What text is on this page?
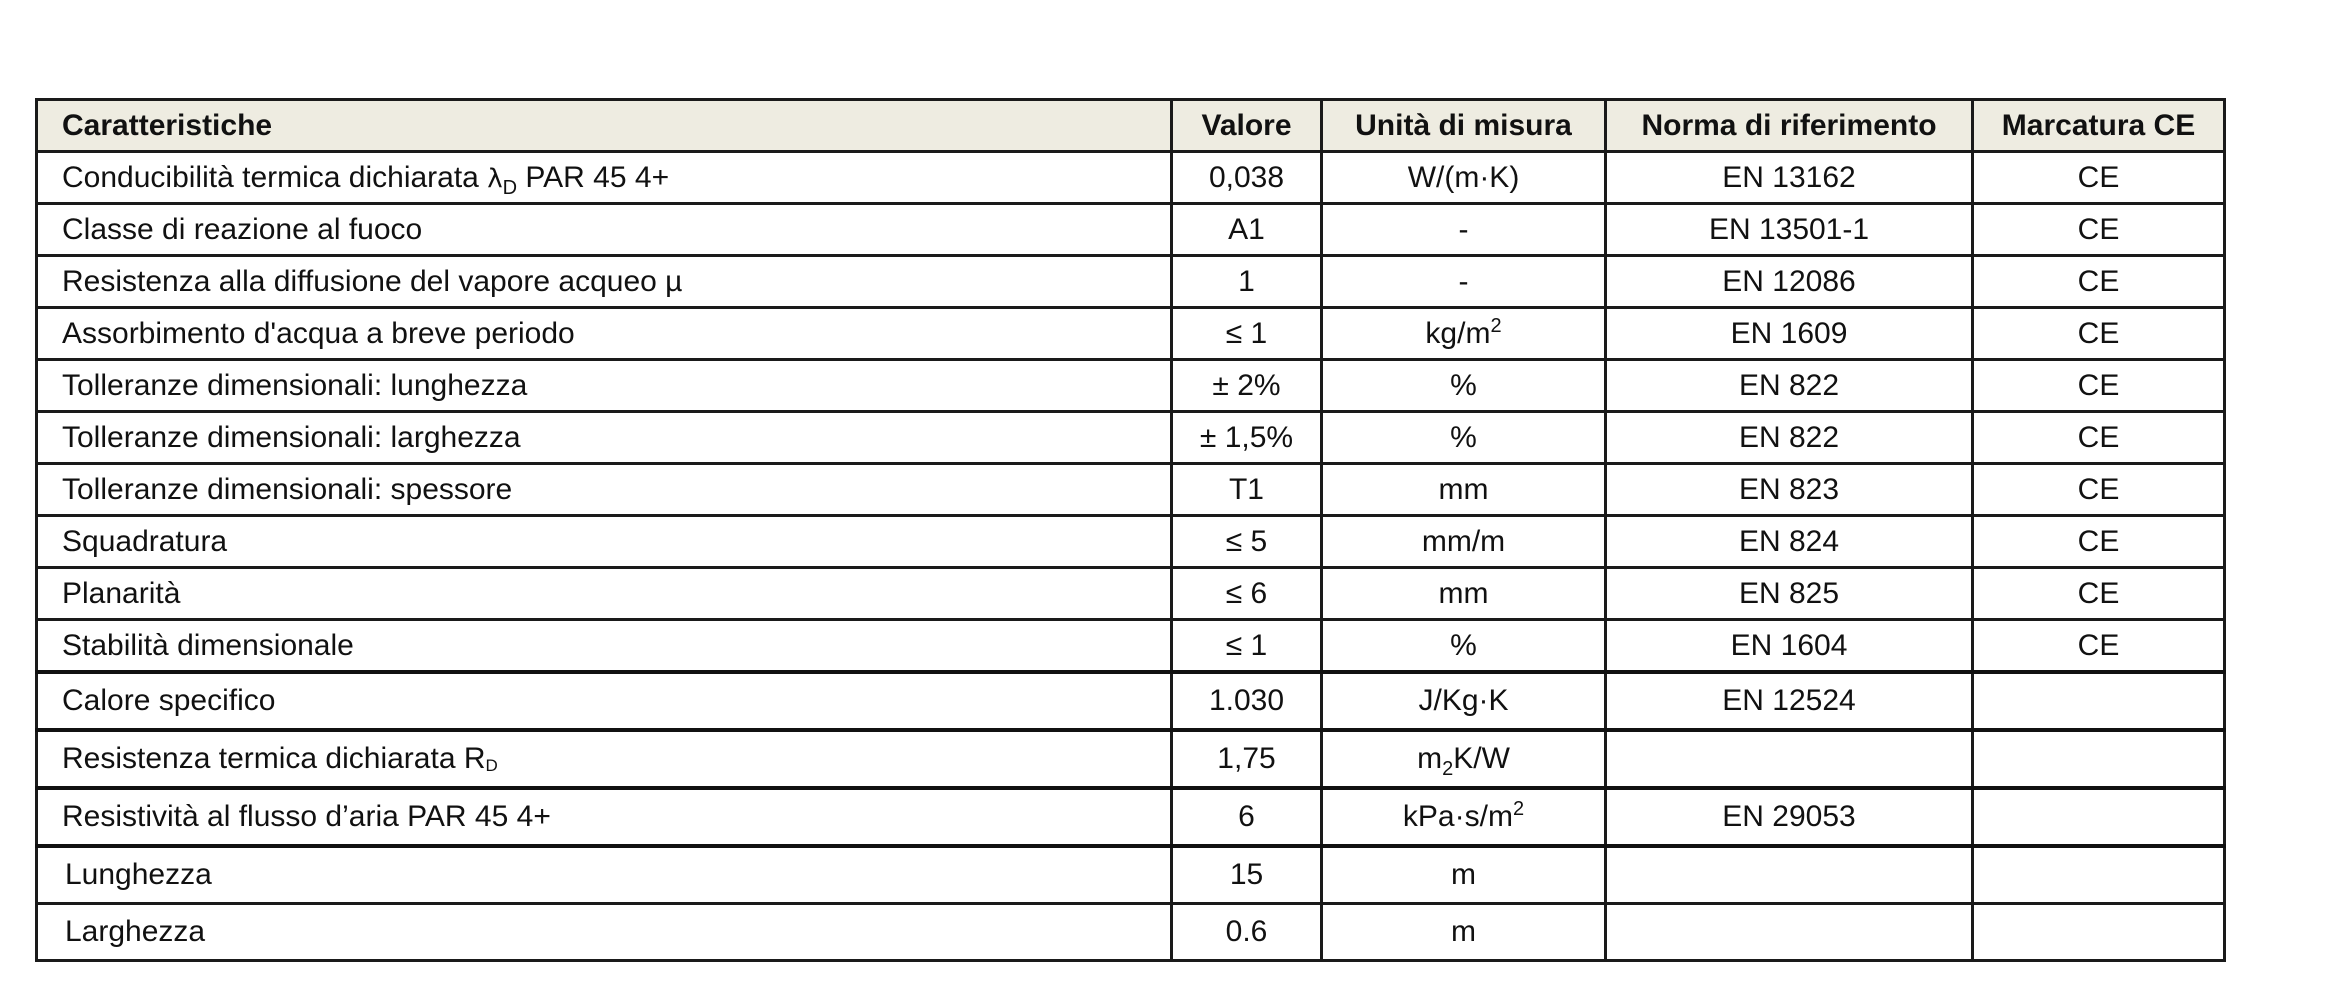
Caratteristiche	Valore	Unità di misura	Norma di riferimento	Marcatura CE
Conducibilità termica dichiarata $\lambda_D$ PAR 45 4+	0,038	W/(m·K)	EN 13162	CE
Classe di reazione al fuoco	A1	-	EN 13501-1	CE
Resistenza alla diffusione del vapore acqueo µ	1	-	EN 12086	CE
Assorbimento d'acqua a breve periodo	≤ 1	$kg/m^2$	EN 1609	CE
Tolleranze dimensionali: lunghezza	± 2%	%	EN 822	CE
Tolleranze dimensionali: larghezza	± 1,5%	%	EN 822	CE
Tolleranze dimensionali: spessore	T1	mm	EN 823	CE
Squadratura	≤ 5	mm/m	EN 824	CE
Planarità	≤ 6	mm	EN 825	CE
Stabilità dimensionale	≤ 1	%	EN 1604	CE
Calore specifico	1.030	J/Kg·K	EN 12524	
Resistenza termica dichiarata RD	1,75	$m_2K/W$		
Resistività al flusso d’aria PAR 45 4+	6	$kPa\cdot s/m^2$	EN 29053	
Lunghezza	15	m		
Larghezza	0.6	m		
